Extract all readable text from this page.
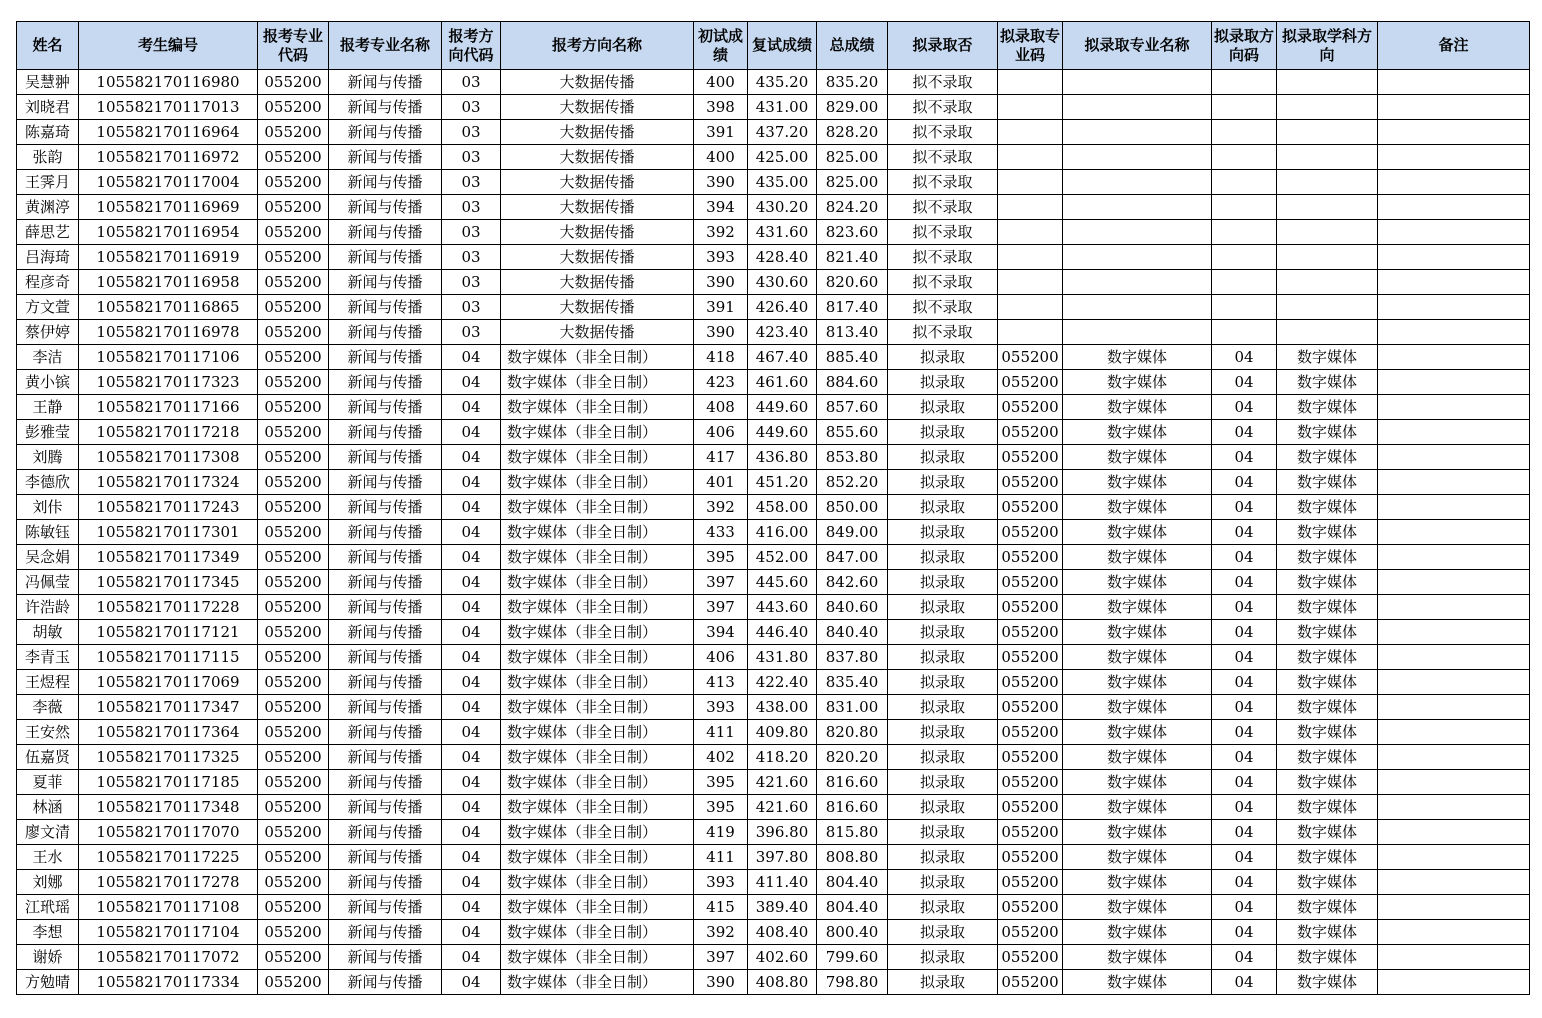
姓名	考生编号	报考专业代码	报考专业名称	报考方向代码	报考方向名称	初试成绩	复试成绩	总成绩	拟录取否	拟录取专业码	拟录取专业名称	拟录取方向码	拟录取学科方向	备注
吴慧翀	105582170116980	055200	新闻与传播	03	大数据传播	400	435.20	835.20	拟不录取					
刘晓君	105582170117013	055200	新闻与传播	03	大数据传播	398	431.00	829.00	拟不录取					
陈嘉琦	105582170116964	055200	新闻与传播	03	大数据传播	391	437.20	828.20	拟不录取					
张韵	105582170116972	055200	新闻与传播	03	大数据传播	400	425.00	825.00	拟不录取					
王霁月	105582170117004	055200	新闻与传播	03	大数据传播	390	435.00	825.00	拟不录取					
黄渊渟	105582170116969	055200	新闻与传播	03	大数据传播	394	430.20	824.20	拟不录取					
薛思艺	105582170116954	055200	新闻与传播	03	大数据传播	392	431.60	823.60	拟不录取					
吕海琦	105582170116919	055200	新闻与传播	03	大数据传播	393	428.40	821.40	拟不录取					
程彦奇	105582170116958	055200	新闻与传播	03	大数据传播	390	430.60	820.60	拟不录取					
方文萱	105582170116865	055200	新闻与传播	03	大数据传播	391	426.40	817.40	拟不录取					
蔡伊婷	105582170116978	055200	新闻与传播	03	大数据传播	390	423.40	813.40	拟不录取					
李洁	105582170117106	055200	新闻与传播	04	数字媒体（非全日制）	418	467.40	885.40	拟录取	055200	数字媒体	04	数字媒体	
黄小镔	105582170117323	055200	新闻与传播	04	数字媒体（非全日制）	423	461.60	884.60	拟录取	055200	数字媒体	04	数字媒体	
王静	105582170117166	055200	新闻与传播	04	数字媒体（非全日制）	408	449.60	857.60	拟录取	055200	数字媒体	04	数字媒体	
彭雅莹	105582170117218	055200	新闻与传播	04	数字媒体（非全日制）	406	449.60	855.60	拟录取	055200	数字媒体	04	数字媒体	
刘腾	105582170117308	055200	新闻与传播	04	数字媒体（非全日制）	417	436.80	853.80	拟录取	055200	数字媒体	04	数字媒体	
李德欣	105582170117324	055200	新闻与传播	04	数字媒体（非全日制）	401	451.20	852.20	拟录取	055200	数字媒体	04	数字媒体	
刘佧	105582170117243	055200	新闻与传播	04	数字媒体（非全日制）	392	458.00	850.00	拟录取	055200	数字媒体	04	数字媒体	
陈敏钰	105582170117301	055200	新闻与传播	04	数字媒体（非全日制）	433	416.00	849.00	拟录取	055200	数字媒体	04	数字媒体	
吴念娟	105582170117349	055200	新闻与传播	04	数字媒体（非全日制）	395	452.00	847.00	拟录取	055200	数字媒体	04	数字媒体	
冯佩莹	105582170117345	055200	新闻与传播	04	数字媒体（非全日制）	397	445.60	842.60	拟录取	055200	数字媒体	04	数字媒体	
许浩龄	105582170117228	055200	新闻与传播	04	数字媒体（非全日制）	397	443.60	840.60	拟录取	055200	数字媒体	04	数字媒体	
胡敏	105582170117121	055200	新闻与传播	04	数字媒体（非全日制）	394	446.40	840.40	拟录取	055200	数字媒体	04	数字媒体	
李青玉	105582170117115	055200	新闻与传播	04	数字媒体（非全日制）	406	431.80	837.80	拟录取	055200	数字媒体	04	数字媒体	
王煜程	105582170117069	055200	新闻与传播	04	数字媒体（非全日制）	413	422.40	835.40	拟录取	055200	数字媒体	04	数字媒体	
李薇	105582170117347	055200	新闻与传播	04	数字媒体（非全日制）	393	438.00	831.00	拟录取	055200	数字媒体	04	数字媒体	
王安然	105582170117364	055200	新闻与传播	04	数字媒体（非全日制）	411	409.80	820.80	拟录取	055200	数字媒体	04	数字媒体	
伍嘉贤	105582170117325	055200	新闻与传播	04	数字媒体（非全日制）	402	418.20	820.20	拟录取	055200	数字媒体	04	数字媒体	
夏菲	105582170117185	055200	新闻与传播	04	数字媒体（非全日制）	395	421.60	816.60	拟录取	055200	数字媒体	04	数字媒体	
林涵	105582170117348	055200	新闻与传播	04	数字媒体（非全日制）	395	421.60	816.60	拟录取	055200	数字媒体	04	数字媒体	
廖文清	105582170117070	055200	新闻与传播	04	数字媒体（非全日制）	419	396.80	815.80	拟录取	055200	数字媒体	04	数字媒体	
王水	105582170117225	055200	新闻与传播	04	数字媒体（非全日制）	411	397.80	808.80	拟录取	055200	数字媒体	04	数字媒体	
刘娜	105582170117278	055200	新闻与传播	04	数字媒体（非全日制）	393	411.40	804.40	拟录取	055200	数字媒体	04	数字媒体	
江玳瑶	105582170117108	055200	新闻与传播	04	数字媒体（非全日制）	415	389.40	804.40	拟录取	055200	数字媒体	04	数字媒体	
李想	105582170117104	055200	新闻与传播	04	数字媒体（非全日制）	392	408.40	800.40	拟录取	055200	数字媒体	04	数字媒体	
谢娇	105582170117072	055200	新闻与传播	04	数字媒体（非全日制）	397	402.60	799.60	拟录取	055200	数字媒体	04	数字媒体	
方勉晴	105582170117334	055200	新闻与传播	04	数字媒体（非全日制）	390	408.80	798.80	拟录取	055200	数字媒体	04	数字媒体	
